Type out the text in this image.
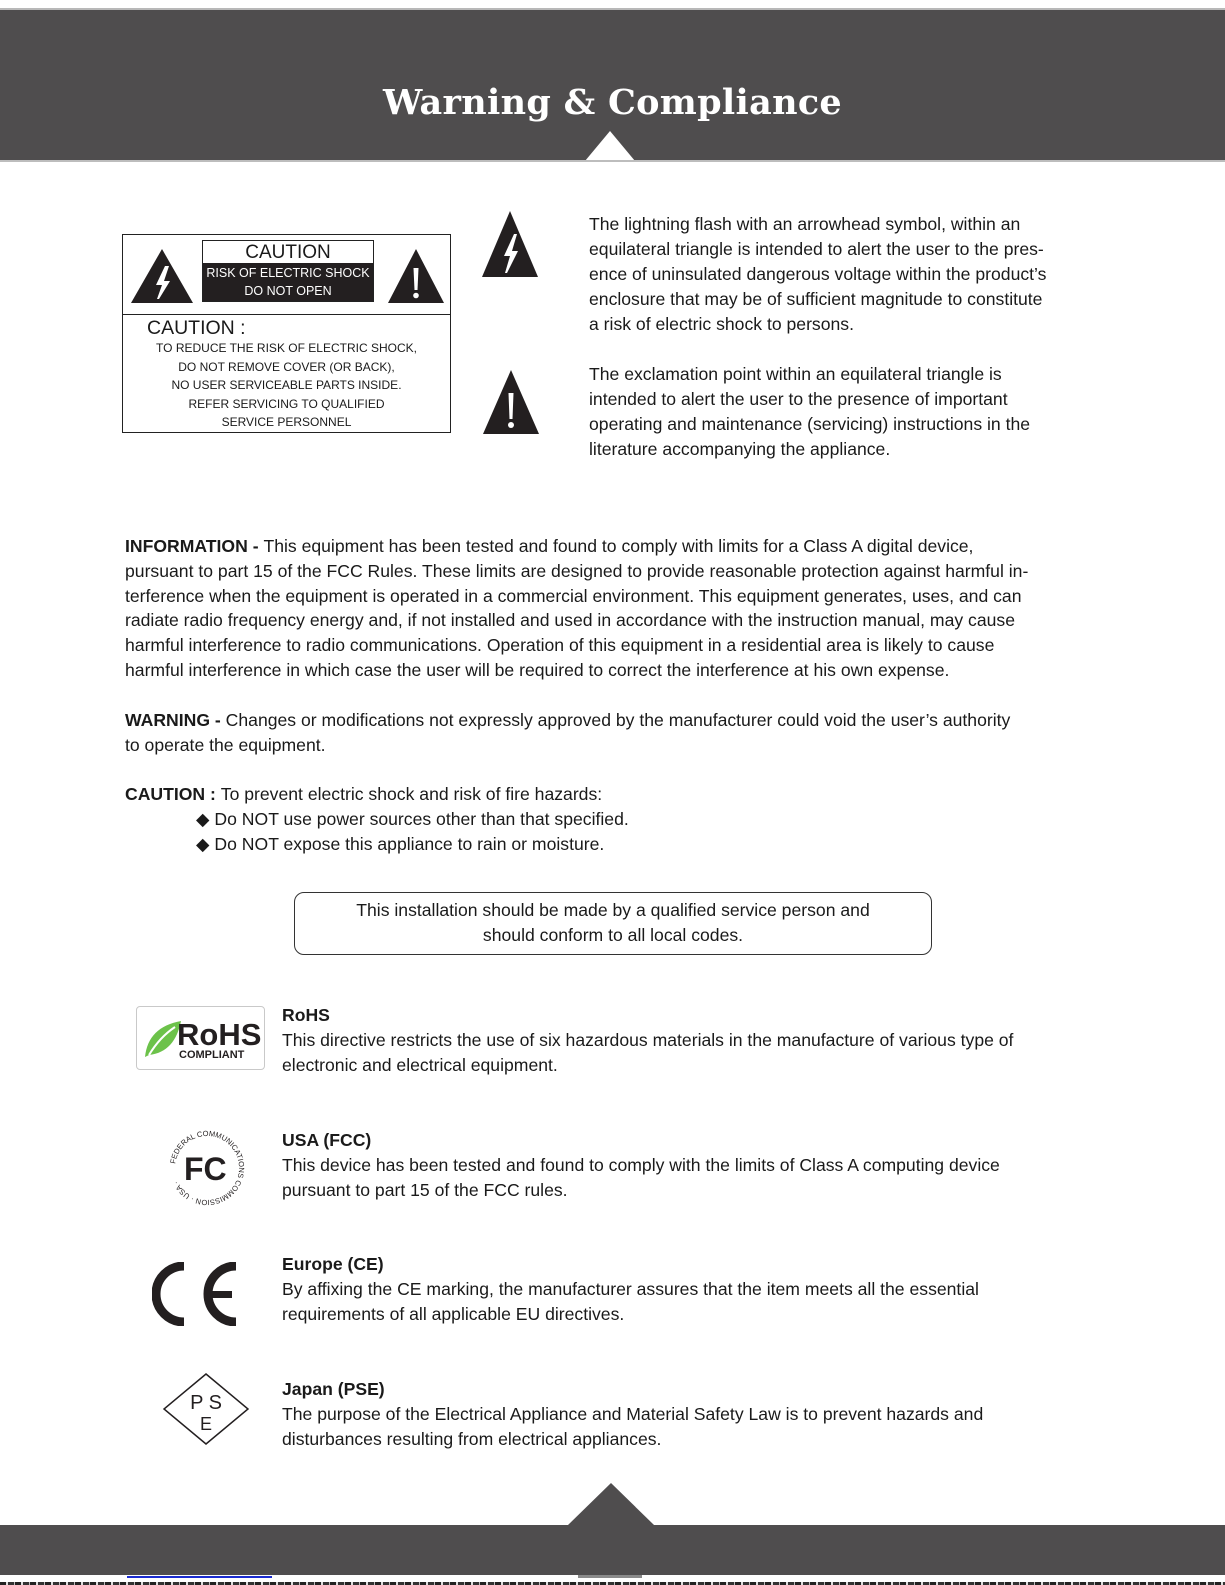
Warning & Compliance
CAUTION
RISK OF ELECTRIC SHOCK
DO NOT OPEN
CAUTION :
TO REDUCE THE RISK OF ELECTRIC SHOCK,
DO NOT REMOVE COVER (OR BACK),
NO USER SERVICEABLE PARTS INSIDE.
REFER SERVICING TO QUALIFIED
SERVICE PERSONNEL
The lightning flash with an arrowhead symbol, within an
equilateral triangle is intended to alert the user to the pres-
ence of uninsulated dangerous voltage within the product’s
enclosure that may be of sufficient magnitude to constitute
a risk of electric shock to persons.
The exclamation point within an equilateral triangle is
intended to alert the user to the presence of important
operating and maintenance (servicing) instructions in the
literature accompanying the appliance.
INFORMATION - This equipment has been tested and found to comply with limits for a Class A digital device,
pursuant to part 15 of the FCC Rules. These limits are designed to provide reasonable protection against harmful in-
terference when the equipment is operated in a commercial environment. This equipment generates, uses, and can
radiate radio frequency energy and, if not installed and used in accordance with the instruction manual, may cause
harmful interference to radio communications. Operation of this equipment in a residential area is likely to cause
harmful interference in which case the user will be required to correct the interference at his own expense.
WARNING - Changes or modifications not expressly approved by the manufacturer could void the user’s authority
to operate the equipment.
CAUTION : To prevent electric shock and risk of fire hazards:
◆ Do NOT use power sources other than that specified.
◆ Do NOT expose this appliance to rain or moisture.
This installation should be made by a qualified service person and
should conform to all local codes.
RoHS
COMPLIANT
RoHS
This directive restricts the use of six hazardous materials in the manufacture of various type of
electronic and electrical equipment.
FEDERAL COMMUNICATIONS COMMISSION · USA · FC
USA (FCC)
This device has been tested and found to comply with the limits of Class A computing device
pursuant to part 15 of the FCC rules.
Europe (CE)
By affixing the CE marking, the manufacturer assures that the item meets all the essential
requirements of all applicable EU directives.
P S
E
Japan (PSE)
The purpose of the Electrical Appliance and Material Safety Law is to prevent hazards and
disturbances resulting from electrical appliances.
